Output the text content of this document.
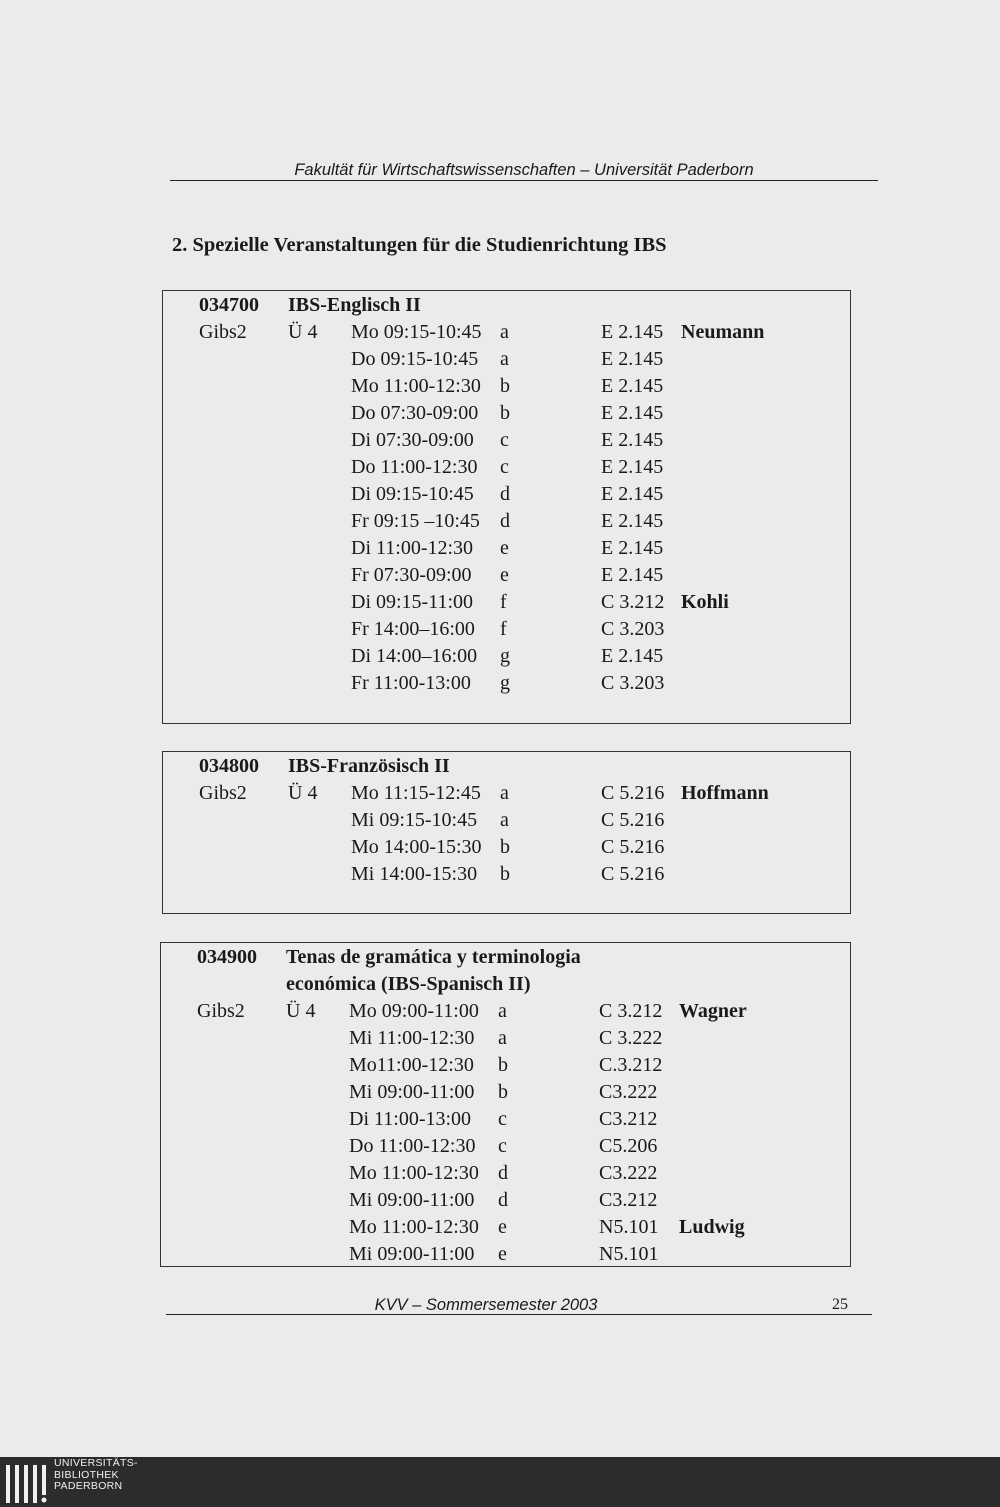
Fakultät für Wirtschaftswissenschaften – Universität Paderborn
2. Spezielle Veranstaltungen für die Studienrichtung IBS
034700 IBS-Englisch II
Gibs2 Ü 4 Mo 09:15-10:45 a	E 2.145 Neumann
Do 09:15-10:45 a	E 2.145
Mo 11:00-12:30 b	E 2.145
Do 07:30-09:00 b	E 2.145
Di 07:30-09:00 c	E 2.145
Do 11:00-12:30 c	E 2.145
Di 09:15-10:45 d	E 2.145
Fr 09:15 –10:45 d	E 2.145
Di 11:00-12:30 e	E 2.145
Fr 07:30-09:00 e	E 2.145
Di 09:15-11:00 f	C 3.212 Kohli
Fr 14:00–16:00 f	C 3.203
Di 14:00–16:00 g	E 2.145
Fr 11:00-13:00 g	C 3.203
034800 IBS-Französisch II
Gibs2 Ü 4 Mo 11:15-12:45 a	C 5.216 Hoffmann
Mi 09:15-10:45 a	C 5.216
Mo 14:00-15:30 b	C 5.216
Mi 14:00-15:30 b	C 5.216
034900 Tenas de gramática y terminologia
económica (IBS-Spanisch II)
Gibs2 Ü 4 Mo 09:00-11:00 a	C 3.212 Wagner
Mi 11:00-12:30 a	C 3.222
Mo11:00-12:30 b	C.3.212
Mi 09:00-11:00 b	C3.222
Di 11:00-13:00 c	C3.212
Do 11:00-12:30 c	C5.206
Mo 11:00-12:30 d	C3.222
Mi 09:00-11:00 d	C3.212
Mo 11:00-12:30 e	N5.101 Ludwig
Mi 09:00-11:00 e	N5.101
KVV – Sommersemester 2003	25
UNIVERSITÄTS-
BIBLIOTHEK
PADERBORN
